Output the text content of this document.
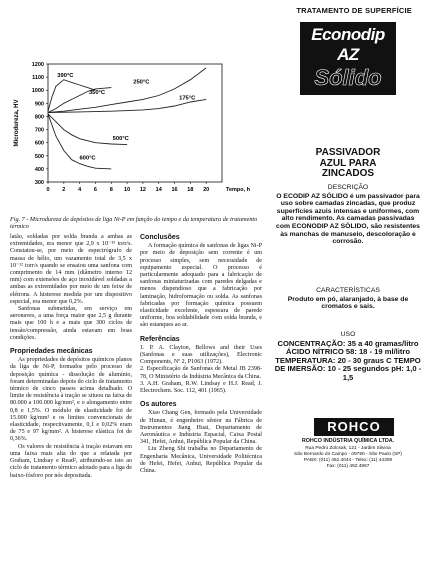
TRATAMENTO DE SUPERFÍCIE
300
400
500
600
700
800
900
1000
1100
1200
0 2 4 6 8 10 12 14 16 18 20
Microdureza, HV
Tempo, h
390°C
350°C
250°C
175°C
500°C
600°C
Fig. 7 - Microdureza de depósitos de liga Ni-P em função do tempo e da temperatura de tratamento térmico

latão, soldadas por solda branda a ambas as extremidades, era menor que 2,9 x 10⁻³³ torr/s. Constatou-se, por meio de espectrógrafo de massa de hélio, um vazamento total de 3,5 x 10⁻¹² torr/s quando se ensaiou uma sanfona com comprimento de 14 mm (diâmetro interno 12 mm) com extensões de aço inoxidável soldadas a ambas as extremidades por meio de um feixe de elétrons. A histerese medida por um dispositivo especial, era menor que 0,2%.

Sanfonas submetidas, em serviço em aeronaves, a uma força maior que 2,5 g durante mais que 100 h e a mais que 300 ciclos de tensão/compressão, ainda estavam em boas condições.

Propriedades mecânicas

As propriedades de depósitos químicos planos da liga de Ni-P, formados pelo processo de deposição química - dissolução de alumínio, foram determinadas depois do ciclo de tratamento térmico de cinco passos acima detalhado. O limite de resistência à tração se situou na faixa de 80.000 a 100.000 kg/mm², e o alongamento entre 0,8 e 1,5%. O módulo de elasticidade foi de 15.000 kg/mm² e os limites convencionais de elasticidade, respectivamente, 0,1 e 0,02% eram de 75 e 97 kg/mm². A histerese elástica foi de 0,36%.

Os valores de resistência à tração estavam em uma faixa mais alta do que a relatada por Graham, Lindsay e Read², atribuindo-se isto ao ciclo de tratamento térmico adotado para a liga de baixo-fósforo por nós depositada.

Conclusões

A formação química de sanfonas de ligas Ni-P por meio de deposição sem corrente é um processo simples, sem necessidade de equipamento especial. O processo é particularmente adequado para a fabricação de sanfonas miniaturizadas com paredes delgadas e menos dispendioso que a fabricação por laminação, hidroformação ou solda. As sanfonas fabricadas por formação química possuem elasticidade excelente, espessura de parede uniforme, boa soldabilidade com solda branda, e são estanques ao ar.

Referências

1. P. A. Clayton, Bellows and their Uses (Sanfonas e suas utilizações), Electronic Components, Nº 2, P1063 (1972).

2. Especificação de Sanfonas de Metal JB 2398-78, O Ministério da Indústria Mecânica da China.

3. A.H. Graham, R.W. Lindsay e H.J. Read, J. Electrochem. Soc. 112, 401 (1965).

Os autores

Xiao Chang Gen, formado pela Universidade de Hunan, é engenheiro sênior na Fábrica de Instrumentos Jiang Huai, Departamento de Aeronáutica e Indústria Espacial, Caixa Postal 341, Hefei, Anhui, República Popular da China.

Liu Zheng Shi trabalha no Departamento de Engenharia Mecânica, Universidade Politécnica de Hefei, Hefei, Anhui, República Popular da China.

Econodip AZ
Sólido
PASSIVADOR
AZUL PARA
ZINCADOS
DESCRIÇÃO
O ECODIP AZ SÓLIDO é um passivador para uso sobre camadas zincadas, que produz superfícies azuis intensas e uniformes, com alto rendimento. As camadas passivadas com ECONODIP AZ SÓLIDO, são resistentes às manchas de manuseio, descoloração e corrosão.
CARACTERÍSTICAS
Produto em pó, alaranjado, à base de cromatos e sais.
USO
CONCENTRAÇÃO: 35 a 40 gramas/litro ÁCIDO NÍTRICO 58: 18 - 19 ml/litro TEMPERATURA: 20 - 30 graus C TEMPO DE IMERSÃO: 10 - 25 segundos pH: 1,0 - 1,5
ROHCO
ROHCO INDÚSTRIA QUÍMICA LTDA.
Rua Pedro Zolcsak, 121 - Jardim Silvina
São Bernardo do Campo - 09790 - São Paulo (SP)
PABX: (011) 452.4044 - Telex: (11) 44308
Fax: (011) 452.4867
